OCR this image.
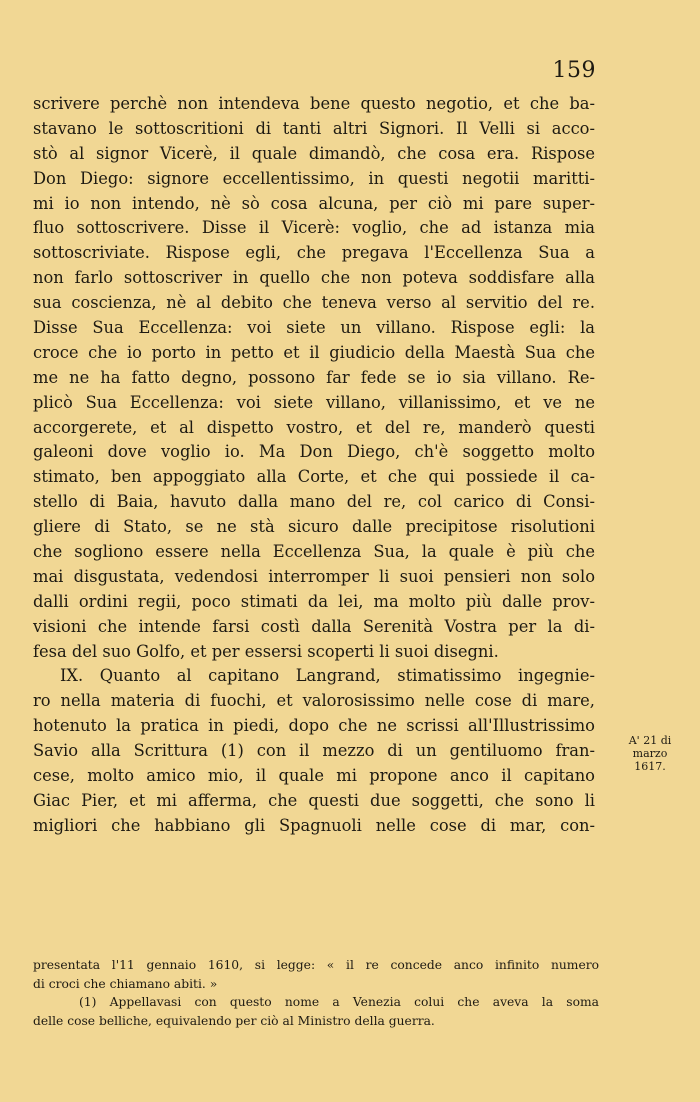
159
scrivere perchè non intendeva bene questo negotio, et che ba-
stavano le sottoscritioni di tanti altri Signori. Il Velli si acco-
stò al signor Vicerè, il quale dimandò, che cosa era. Rispose
Don Diego: signore eccellentissimo, in questi negotii maritti-
mi io non intendo, nè sò cosa alcuna, per ciò mi pare super-
fluo sottoscrivere. Disse il Vicerè: voglio, che ad istanza mia
sottoscriviate. Rispose egli, che pregava l'Eccellenza Sua a
non farlo sottoscriver in quello che non poteva soddisfare alla
sua coscienza, nè al debito che teneva verso al servitio del re.
Disse Sua Eccellenza: voi siete un villano. Rispose egli: la
croce che io porto in petto et il giudicio della Maestà Sua che
me ne ha fatto degno, possono far fede se io sia villano. Re-
plicò Sua Eccellenza: voi siete villano, villanissimo, et ve ne
accorgerete, et al dispetto vostro, et del re, manderò questi
galeoni dove voglio io. Ma Don Diego, ch'è soggetto molto
stimato, ben appoggiato alla Corte, et che qui possiede il ca-
stello di Baia, havuto dalla mano del re, col carico di Consi-
gliere di Stato, se ne stà sicuro dalle precipitose risolutioni
che sogliono essere nella Eccellenza Sua, la quale è più che
mai disgustata, vedendosi interromper li suoi pensieri non solo
dalli ordini regii, poco stimati da lei, ma molto più dalle prov-
visioni che intende farsi costì dalla Serenità Vostra per la di-
fesa del suo Golfo, et per essersi scoperti li suoi disegni.
IX. Quanto al capitano Langrand, stimatissimo ingegnie-
ro nella materia di fuochi, et valorosissimo nelle cose di mare,
hotenuto la pratica in piedi, dopo che ne scrissi all'Illustrissimo
Savio alla Scrittura (1) con il mezzo di un gentiluomo fran-
cese, molto amico mio, il quale mi propone anco il capitano
Giac Pier, et mi afferma, che questi due soggetti, che sono li
migliori che habbiano gli Spagnuoli nelle cose di mar, con-
A' 21 di
marzo
1617.
presentata l'11 gennaio 1610, si legge: « il re concede anco infinito numero
di croci che chiamano abiti. »
(1) Appellavasi con questo nome a Venezia colui che aveva la soma
delle cose belliche, equivalendo per ciò al Ministro della guerra.
